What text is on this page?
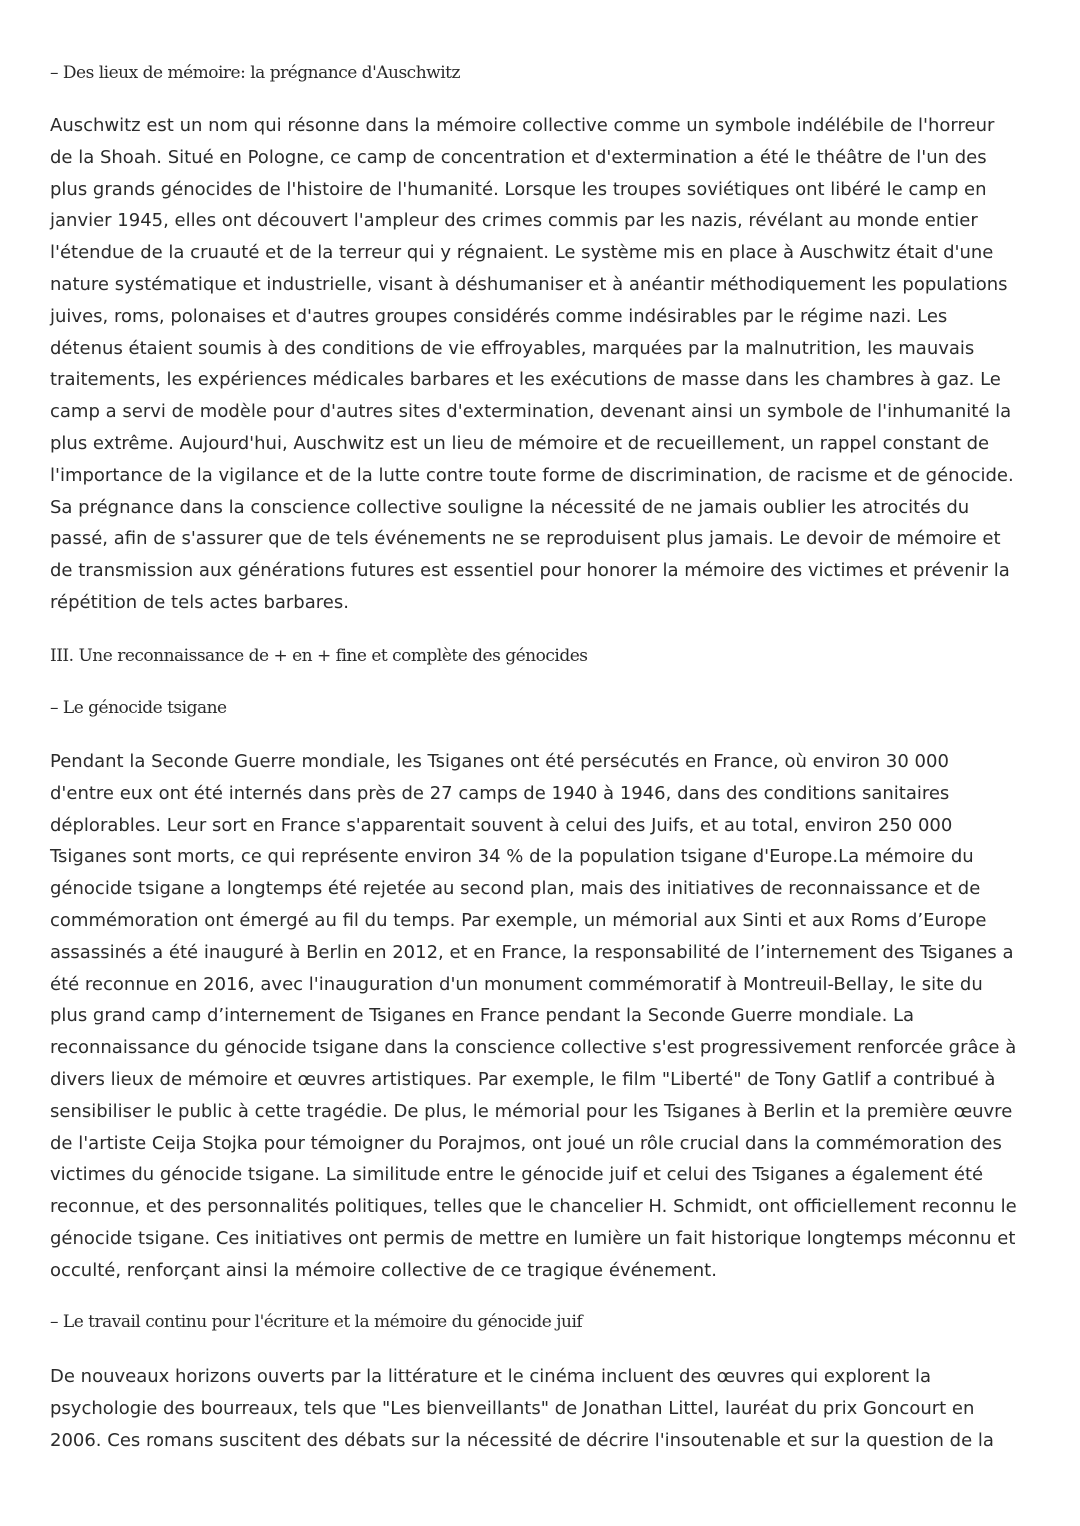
– Des lieux de mémoire: la prégnance d'Auschwitz
Auschwitz est un nom qui résonne dans la mémoire collective comme un symbole indélébile de l'horreur
de la Shoah. Situé en Pologne, ce camp de concentration et d'extermination a été le théâtre de l'un des
plus grands génocides de l'histoire de l'humanité. Lorsque les troupes soviétiques ont libéré le camp en
janvier 1945, elles ont découvert l'ampleur des crimes commis par les nazis, révélant au monde entier
l'étendue de la cruauté et de la terreur qui y régnaient. Le système mis en place à Auschwitz était d'une
nature systématique et industrielle, visant à déshumaniser et à anéantir méthodiquement les populations
juives, roms, polonaises et d'autres groupes considérés comme indésirables par le régime nazi. Les
détenus étaient soumis à des conditions de vie effroyables, marquées par la malnutrition, les mauvais
traitements, les expériences médicales barbares et les exécutions de masse dans les chambres à gaz. Le
camp a servi de modèle pour d'autres sites d'extermination, devenant ainsi un symbole de l'inhumanité la
plus extrême. Aujourd'hui, Auschwitz est un lieu de mémoire et de recueillement, un rappel constant de
l'importance de la vigilance et de la lutte contre toute forme de discrimination, de racisme et de génocide.
Sa prégnance dans la conscience collective souligne la nécessité de ne jamais oublier les atrocités du
passé, afin de s'assurer que de tels événements ne se reproduisent plus jamais. Le devoir de mémoire et
de transmission aux générations futures est essentiel pour honorer la mémoire des victimes et prévenir la
répétition de tels actes barbares.
III. Une reconnaissance de + en + fine et complète des génocides
– Le génocide tsigane
Pendant la Seconde Guerre mondiale, les Tsiganes ont été persécutés en France, où environ 30 000
d'entre eux ont été internés dans près de 27 camps de 1940 à 1946, dans des conditions sanitaires
déplorables. Leur sort en France s'apparentait souvent à celui des Juifs, et au total, environ 250 000
Tsiganes sont morts, ce qui représente environ 34 % de la population tsigane d'Europe.La mémoire du
génocide tsigane a longtemps été rejetée au second plan, mais des initiatives de reconnaissance et de
commémoration ont émergé au fil du temps. Par exemple, un mémorial aux Sinti et aux Roms d’Europe
assassinés a été inauguré à Berlin en 2012, et en France, la responsabilité de l’internement des Tsiganes a
été reconnue en 2016, avec l'inauguration d'un monument commémoratif à Montreuil-Bellay, le site du
plus grand camp d’internement de Tsiganes en France pendant la Seconde Guerre mondiale. La
reconnaissance du génocide tsigane dans la conscience collective s'est progressivement renforcée grâce à
divers lieux de mémoire et œuvres artistiques. Par exemple, le film "Liberté" de Tony Gatlif a contribué à
sensibiliser le public à cette tragédie. De plus, le mémorial pour les Tsiganes à Berlin et la première œuvre
de l'artiste Ceija Stojka pour témoigner du Porajmos, ont joué un rôle crucial dans la commémoration des
victimes du génocide tsigane. La similitude entre le génocide juif et celui des Tsiganes a également été
reconnue, et des personnalités politiques, telles que le chancelier H. Schmidt, ont officiellement reconnu le
génocide tsigane. Ces initiatives ont permis de mettre en lumière un fait historique longtemps méconnu et
occulté, renforçant ainsi la mémoire collective de ce tragique événement.
– Le travail continu pour l'écriture et la mémoire du génocide juif
De nouveaux horizons ouverts par la littérature et le cinéma incluent des œuvres qui explorent la
psychologie des bourreaux, tels que "Les bienveillants" de Jonathan Littel, lauréat du prix Goncourt en
2006. Ces romans suscitent des débats sur la nécessité de décrire l'insoutenable et sur la question de la
